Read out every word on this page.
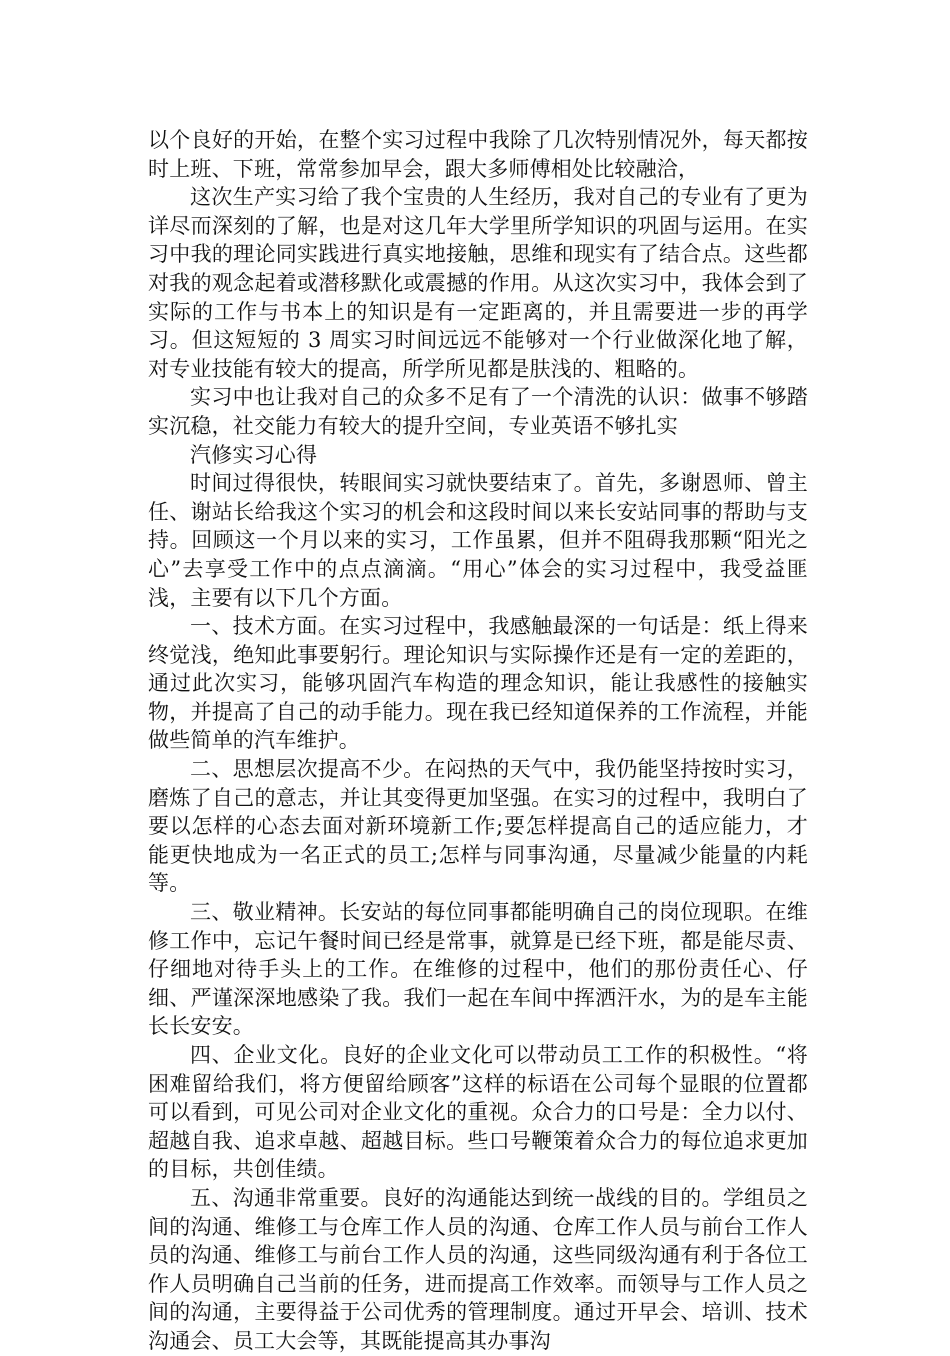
以个良好的开始，在整个实习过程中我除了几次特别情况外，每天都按时上班、下班，常常参加早会，跟大多师傅相处比较融洽，

这次生产实习给了我个宝贵的人生经历，我对自己的专业有了更为详尽而深刻的了解，也是对这几年大学里所学知识的巩固与运用。在实习中我的理论同实践进行真实地接触，思维和现实有了结合点。这些都对我的观念起着或潜移默化或震撼的作用。从这次实习中，我体会到了实际的工作与书本上的知识是有一定距离的，并且需要进一步的再学习。但这短短的 3 周实习时间远远不能够对一个行业做深化地了解，对专业技能有较大的提高，所学所见都是肤浅的、粗略的。

实习中也让我对自己的众多不足有了一个清洗的认识：做事不够踏实沉稳，社交能力有较大的提升空间，专业英语不够扎实

汽修实习心得

时间过得很快，转眼间实习就快要结束了。首先，多谢恩师、曾主任、谢站长给我这个实习的机会和这段时间以来长安站同事的帮助与支持。回顾这一个月以来的实习，工作虽累，但并不阻碍我那颗“阳光之心”去享受工作中的点点滴滴。“用心”体会的实习过程中，我受益匪浅，主要有以下几个方面。

一、技术方面。在实习过程中，我感触最深的一句话是：纸上得来终觉浅，绝知此事要躬行。理论知识与实际操作还是有一定的差距的，通过此次实习，能够巩固汽车构造的理念知识，能让我感性的接触实物，并提高了自己的动手能力。现在我已经知道保养的工作流程，并能做些简单的汽车维护。

二、思想层次提高不少。在闷热的天气中，我仍能坚持按时实习，磨炼了自己的意志，并让其变得更加坚强。在实习的过程中，我明白了要以怎样的心态去面对新环境新工作;要怎样提高自己的适应能力，才能更快地成为一名正式的员工;怎样与同事沟通，尽量减少能量的内耗等。

三、敬业精神。长安站的每位同事都能明确自己的岗位现职。在维修工作中，忘记午餐时间已经是常事，就算是已经下班，都是能尽责、仔细地对待手头上的工作。在维修的过程中，他们的那份责任心、仔细、严谨深深地感染了我。我们一起在车间中挥洒汗水，为的是车主能长长安安。

四、企业文化。良好的企业文化可以带动员工工作的积极性。“将困难留给我们，将方便留给顾客”这样的标语在公司每个显眼的位置都可以看到，可见公司对企业文化的重视。众合力的口号是：全力以付、超越自我、追求卓越、超越目标。些口号鞭策着众合力的每位追求更加的目标，共创佳绩。

五、沟通非常重要。良好的沟通能达到统一战线的目的。学组员之间的沟通、维修工与仓库工作人员的沟通、仓库工作人员与前台工作人员的沟通、维修工与前台工作人员的沟通，这些同级沟通有利于各位工作人员明确自己当前的任务，进而提高工作效率。而领导与工作人员之间的沟通，主要得益于公司优秀的管理制度。通过开早会、培训、技术沟通会、员工大会等，其既能提高其办事沟
